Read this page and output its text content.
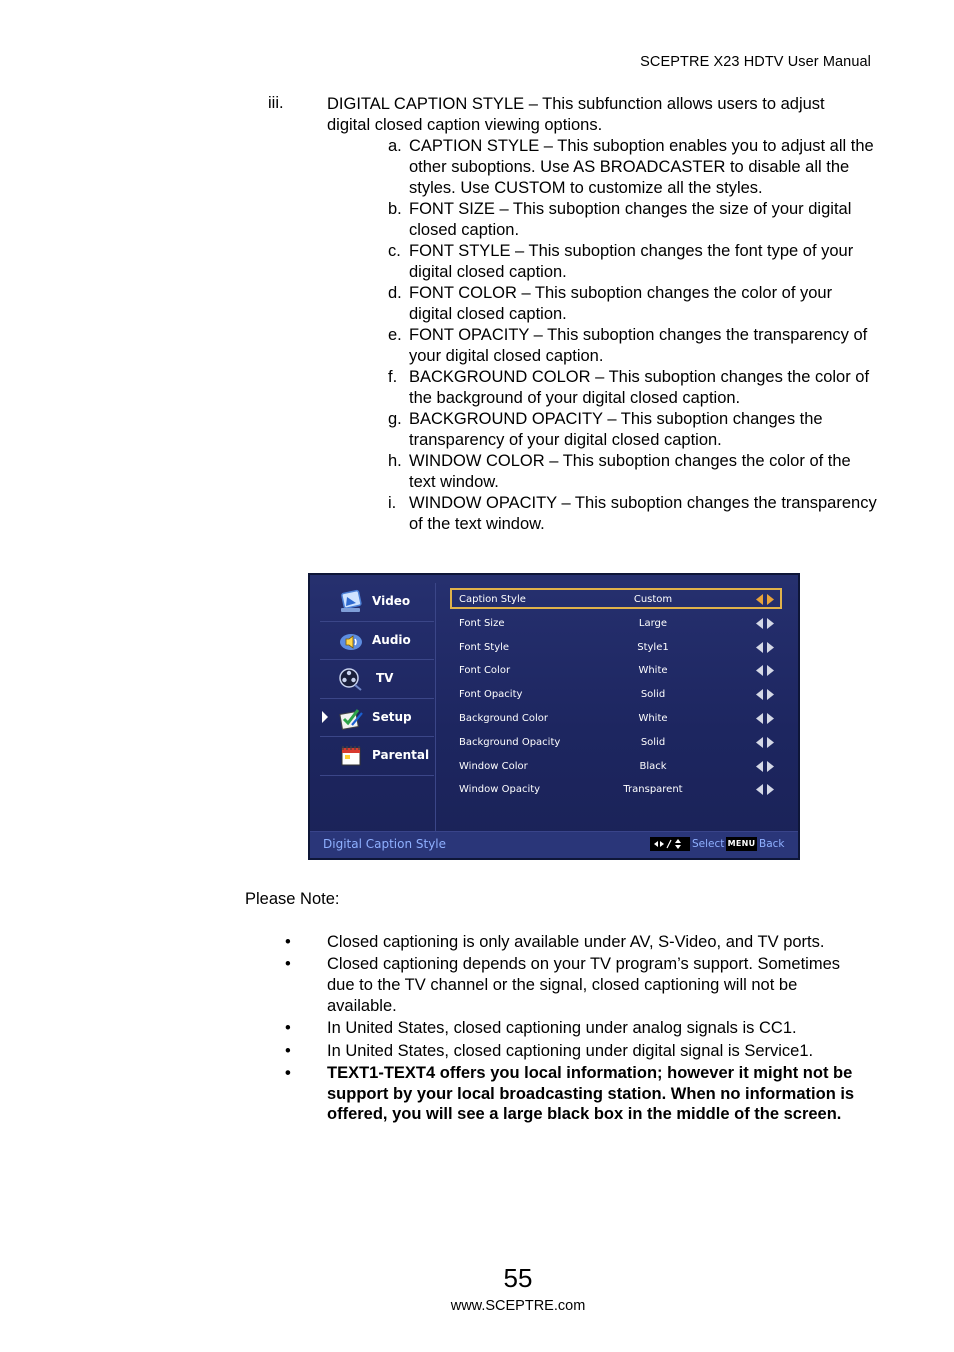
SCEPTRE X23 HDTV User Manual
iii.	DIGITAL CAPTION STYLE – This subfunction allows users to adjust digital closed caption viewing options.
a. CAPTION STYLE – This suboption enables you to adjust all the other suboptions. Use AS BROADCASTER to disable all the styles. Use CUSTOM to customize all the styles.
b. FONT SIZE – This suboption changes the size of your digital closed caption.
c. FONT STYLE – This suboption changes the font type of your digital closed caption.
d. FONT COLOR – This suboption changes the color of your digital closed caption.
e. FONT OPACITY – This suboption changes the transparency of your digital closed caption.
f. BACKGROUND COLOR – This suboption changes the color of the background of your digital closed caption.
g. BACKGROUND OPACITY – This suboption changes the transparency of your digital closed caption.
h. WINDOW COLOR – This suboption changes the color of the text window.
i. WINDOW OPACITY – This suboption changes the transparency of the text window.
Video
Audio
TV
Setup
Parental
Caption Style	Custom
Font Size	Large
Font Style	Style1
Font Color	White
Font Opacity	Solid
Background Color	White
Background Opacity	Solid
Window Color	Black
Window Opacity	Transparent
Digital Caption Style	Select MENU Back
Please Note:
• Closed captioning is only available under AV, S-Video, and TV ports.
• Closed captioning depends on your TV program’s support. Sometimes due to the TV channel or the signal, closed captioning will not be available.
• In United States, closed captioning under analog signals is CC1.
• In United States, closed captioning under digital signal is Service1.
• TEXT1-TEXT4 offers you local information; however it might not be support by your local broadcasting station. When no information is offered, you will see a large black box in the middle of the screen.
55
www.SCEPTRE.com
